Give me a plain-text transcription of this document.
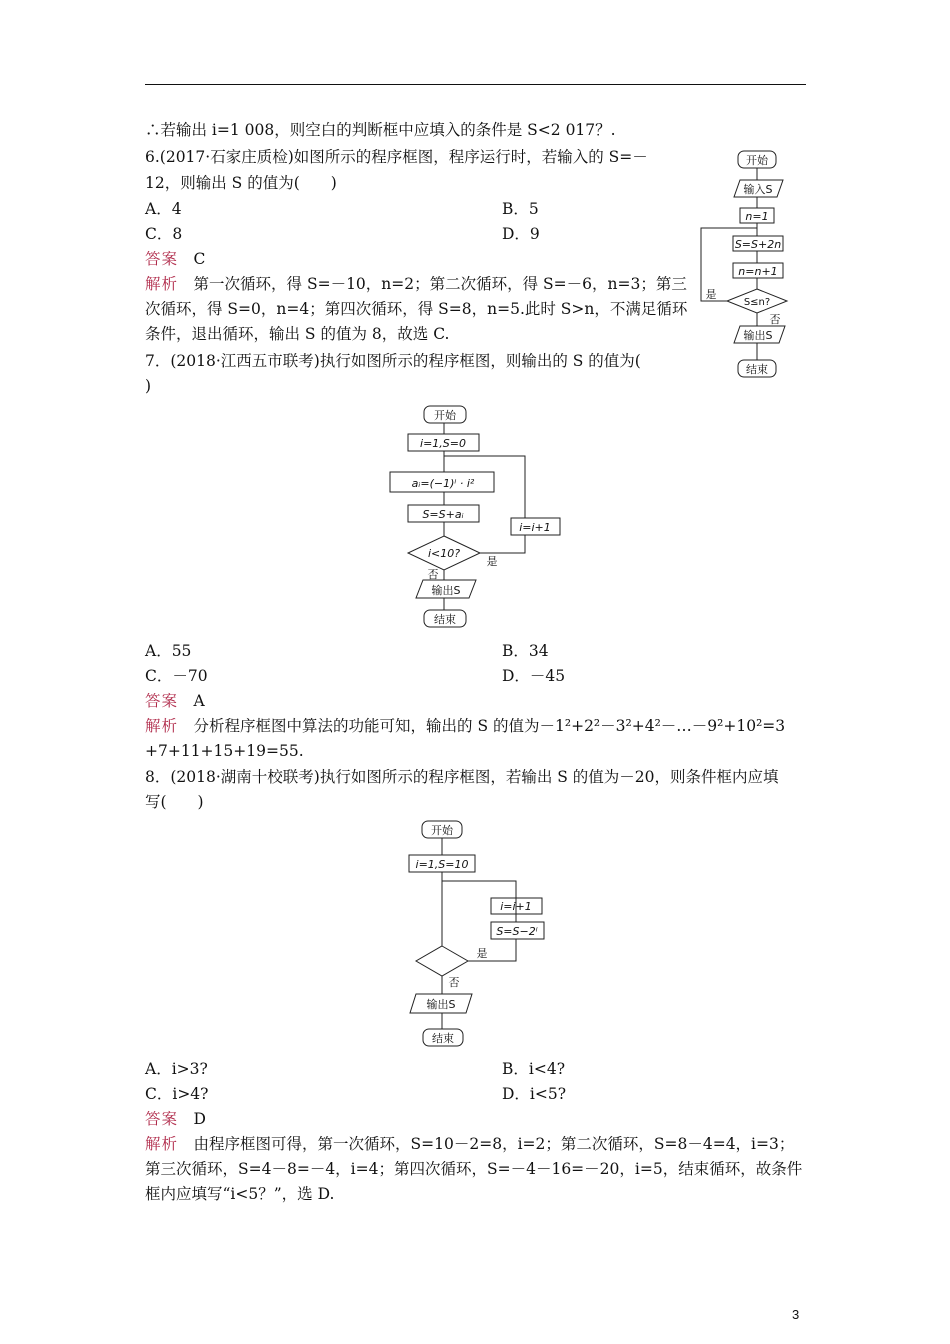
∴若输出 i=1 008，则空白的判断框中应填入的条件是 S<2 017？.
6.(2017·石家庄质检)如图所示的程序框图，程序运行时，若输入的 S=－
12，则输出 S 的值为(　　)
A．4	B．5
C．8	D．9
答案　 C
解析　 第一次循环，得 S=－10，n=2；第二次循环，得 S=－6，n=3；第三
次循环，得 S=0，n=4；第四次循环，得 S=8，n=5.此时 S>n，不满足循环
条件，退出循环，输出 S 的值为 8，故选 C.
开始
输入S
n=1
S=S+2n
n=n+1
S≤n?
是
否
输出S
结束
7．(2018·江西五市联考)执行如图所示的程序框图，则输出的 S 的值为(
)
开始
i=1,S=0
aᵢ=(−1)ⁱ · i²
S=S+aᵢ
i<10?
i=i+1
是
否
输出S
结束
A．55	B．34
C．－70	D．－45
答案　 A
解析　 分析程序框图中算法的功能可知，输出的 S 的值为－1²+2²－3²+4²－…－9²+10²=3
+7+11+15+19=55.
8．(2018·湖南十校联考)执行如图所示的程序框图，若输出 S 的值为－20，则条件框内应填
写(　　)
开始
i=1,S=10
i=i+1
S=S−2ⁱ
是
否
输出S
结束
A．i>3?	B．i<4?
C．i>4?	D．i<5?
答案　 D
解析　 由程序框图可得，第一次循环，S=10－2=8，i=2；第二次循环，S=8－4=4，i=3；
第三次循环，S=4－8=－4，i=4；第四次循环，S=－4－16=－20，i=5，结束循环，故条件
框内应填写“i<5？”，选 D.
3
